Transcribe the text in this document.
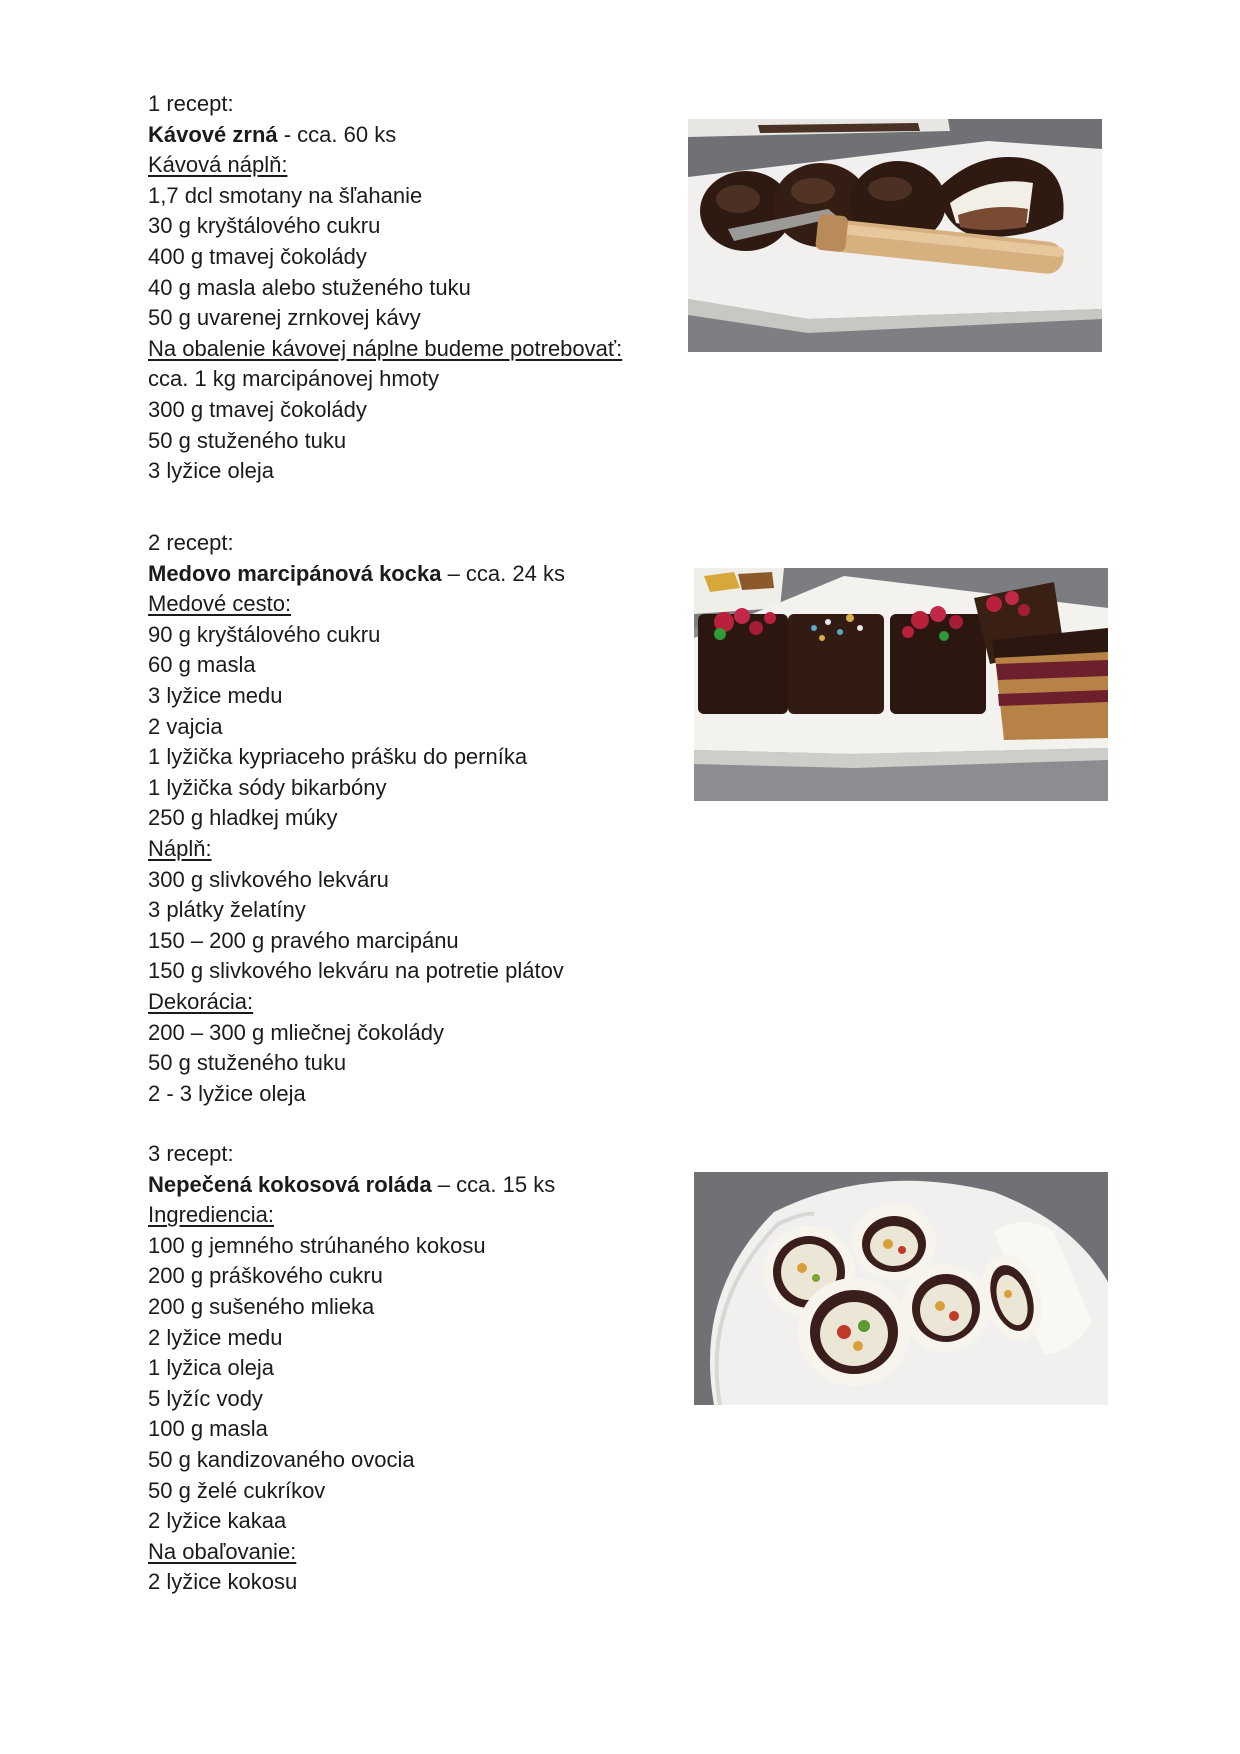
1 recept:
Kávové zrná - cca. 60 ks
Kávová náplň:
1,7 dcl smotany na šľahanie
30 g kryštálového cukru
400 g tmavej čokolády
40 g masla alebo stuženého tuku
50 g uvarenej zrnkovej kávy
Na obalenie kávovej náplne budeme potrebovať:
cca. 1 kg marcipánovej hmoty
300 g tmavej čokolády
50 g stuženého tuku
3 lyžice oleja
2 recept:
Medovo marcipánová kocka – cca. 24 ks
Medové cesto:
90 g kryštálového cukru
60 g masla
3 lyžice medu
2 vajcia
1 lyžička kypriaceho prášku do perníka
1 lyžička sódy bikarbóny
250 g hladkej múky
Náplň:
300 g slivkového lekváru
3 plátky želatíny
150 – 200 g pravého marcipánu
150 g slivkového lekváru na potretie plátov
Dekorácia:
200 – 300 g mliečnej čokolády
50 g stuženého tuku
2 - 3 lyžice oleja
3 recept:
Nepečená kokosová roláda – cca. 15 ks
Ingrediencia:
100 g jemného strúhaného kokosu
200 g práškového cukru
200 g sušeného mlieka
2 lyžice medu
1 lyžica oleja
5 lyžíc vody
100 g masla
50 g kandizovaného ovocia
50 g želé cukríkov
2 lyžice kakaa
Na obaľovanie:
2 lyžice kokosu
